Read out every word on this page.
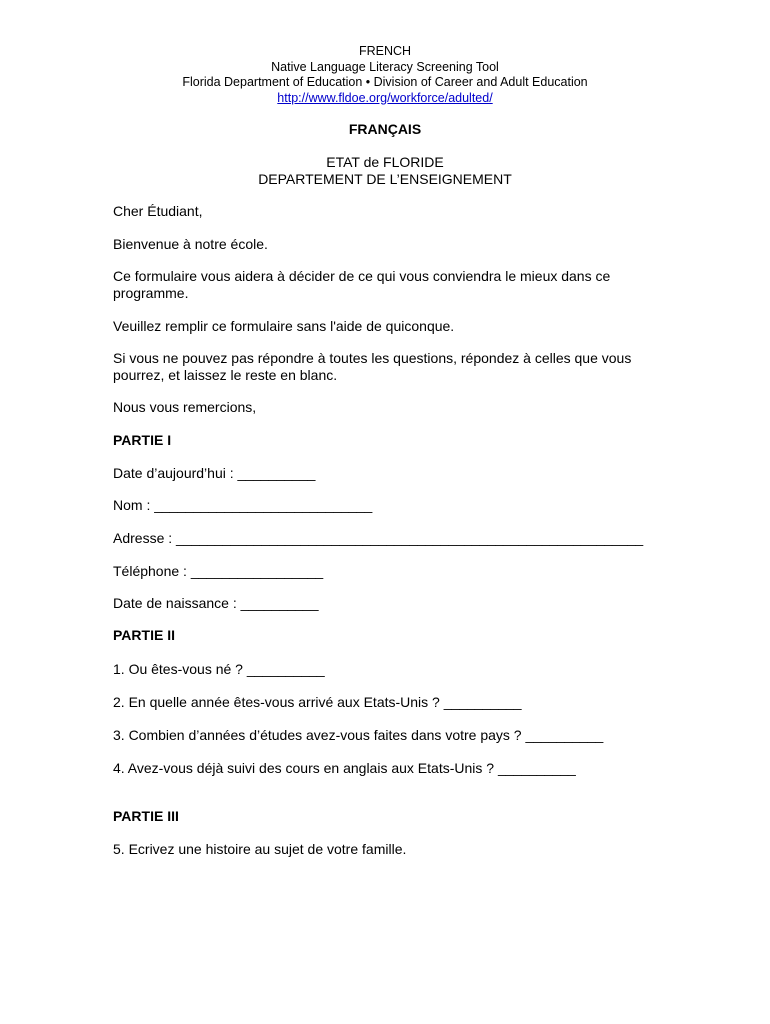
FRENCH
Native Language Literacy Screening Tool
Florida Department of Education • Division of Career and Adult Education
http://www.fldoe.org/workforce/adulted/
FRANÇAIS
ETAT de FLORIDE
DEPARTEMENT DE L’ENSEIGNEMENT
Cher Étudiant,
Bienvenue à notre école.
Ce formulaire vous aidera à décider de ce qui vous conviendra le mieux dans ce programme.
Veuillez remplir ce formulaire sans l'aide de quiconque.
Si vous ne pouvez pas répondre à toutes les questions, répondez à celles que vous pourrez, et laissez le reste en blanc.
Nous vous remercions,
PARTIE I
Date d’aujourd’hui : __________
Nom : ____________________________
Adresse : ____________________________________________________________
Téléphone : _________________
Date de naissance : __________
PARTIE II
1. Ou êtes-vous né ? __________
2. En quelle année êtes-vous arrivé aux Etats-Unis ? __________
3. Combien d’années d’études avez-vous faites dans votre pays ? __________
4. Avez-vous déjà suivi des cours en anglais aux Etats-Unis ? __________
PARTIE III
5. Ecrivez une histoire au sujet de votre famille.
